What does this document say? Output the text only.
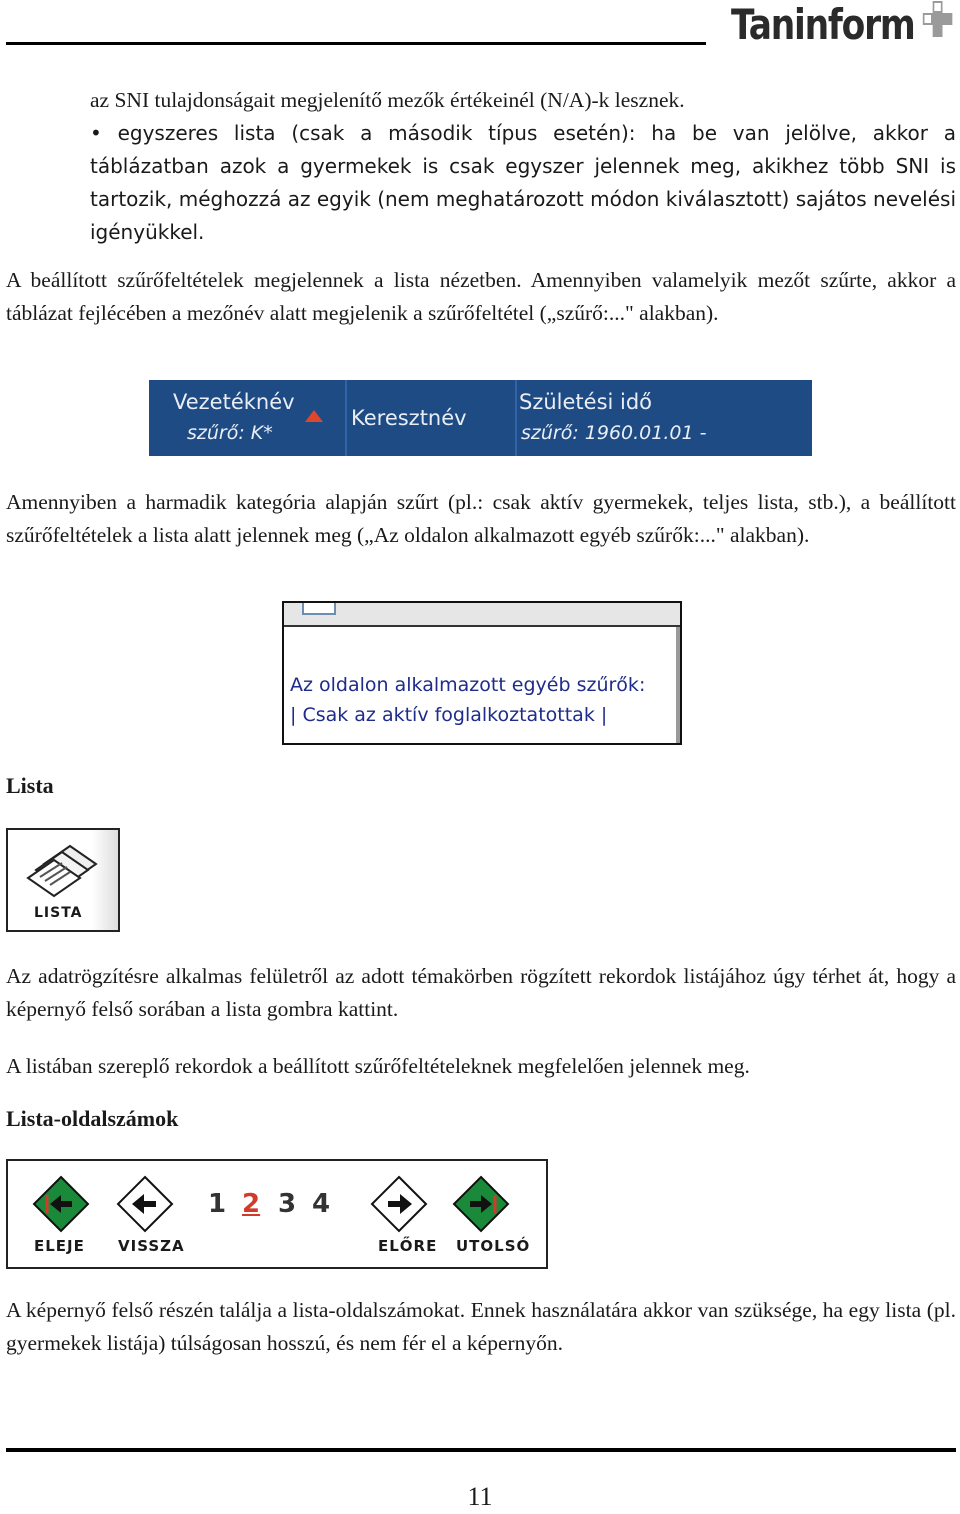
Taninform
az SNI tulajdonságait megjelenítő mezők értékeinél (N/A)-k lesznek.
• egyszeres lista (csak a második típus esetén): ha be van jelölve, akkor a táblázatban azok a gyermekek is csak egyszer jelennek meg, akikhez több SNI is tartozik, méghozzá az egyik (nem meghatározott módon kiválasztott) sajátos nevelési igényükkel.
A beállított szűrőfeltételek megjelennek a lista nézetben. Amennyiben valamelyik mezőt szűrte, akkor a táblázat fejlécében a mezőnév alatt megjelenik a szűrőfeltétel („szűrő:..." alakban).
Vezetéknév
szűrő: K*
Keresztnév
Születési idő
szűrő: 1960.01.01 -
Amennyiben a harmadik kategória alapján szűrt (pl.: csak aktív gyermekek, teljes lista, stb.), a beállított szűrőfeltételek a lista alatt jelennek meg („Az oldalon alkalmazott egyéb szűrők:..." alakban).
Az oldalon alkalmazott egyéb szűrők:
| Csak az aktív foglalkoztatottak |
Lista
LISTA
Az adatrögzítésre alkalmas felületről az adott témakörben rögzített rekordok listájához úgy térhet át, hogy a képernyő felső sorában a lista gombra kattint.
A listában szereplő rekordok a beállított szűrőfeltételeknek megfelelően jelennek meg.
Lista-oldalszámok
ELEJE VISSZA
1 2 3 4
ELŐRE UTOLSÓ
A képernyő felső részén találja a lista-oldalszámokat. Ennek használatára akkor van szüksége, ha egy lista (pl. gyermekek listája) túlságosan hosszú, és nem fér el a képernyőn.
11
